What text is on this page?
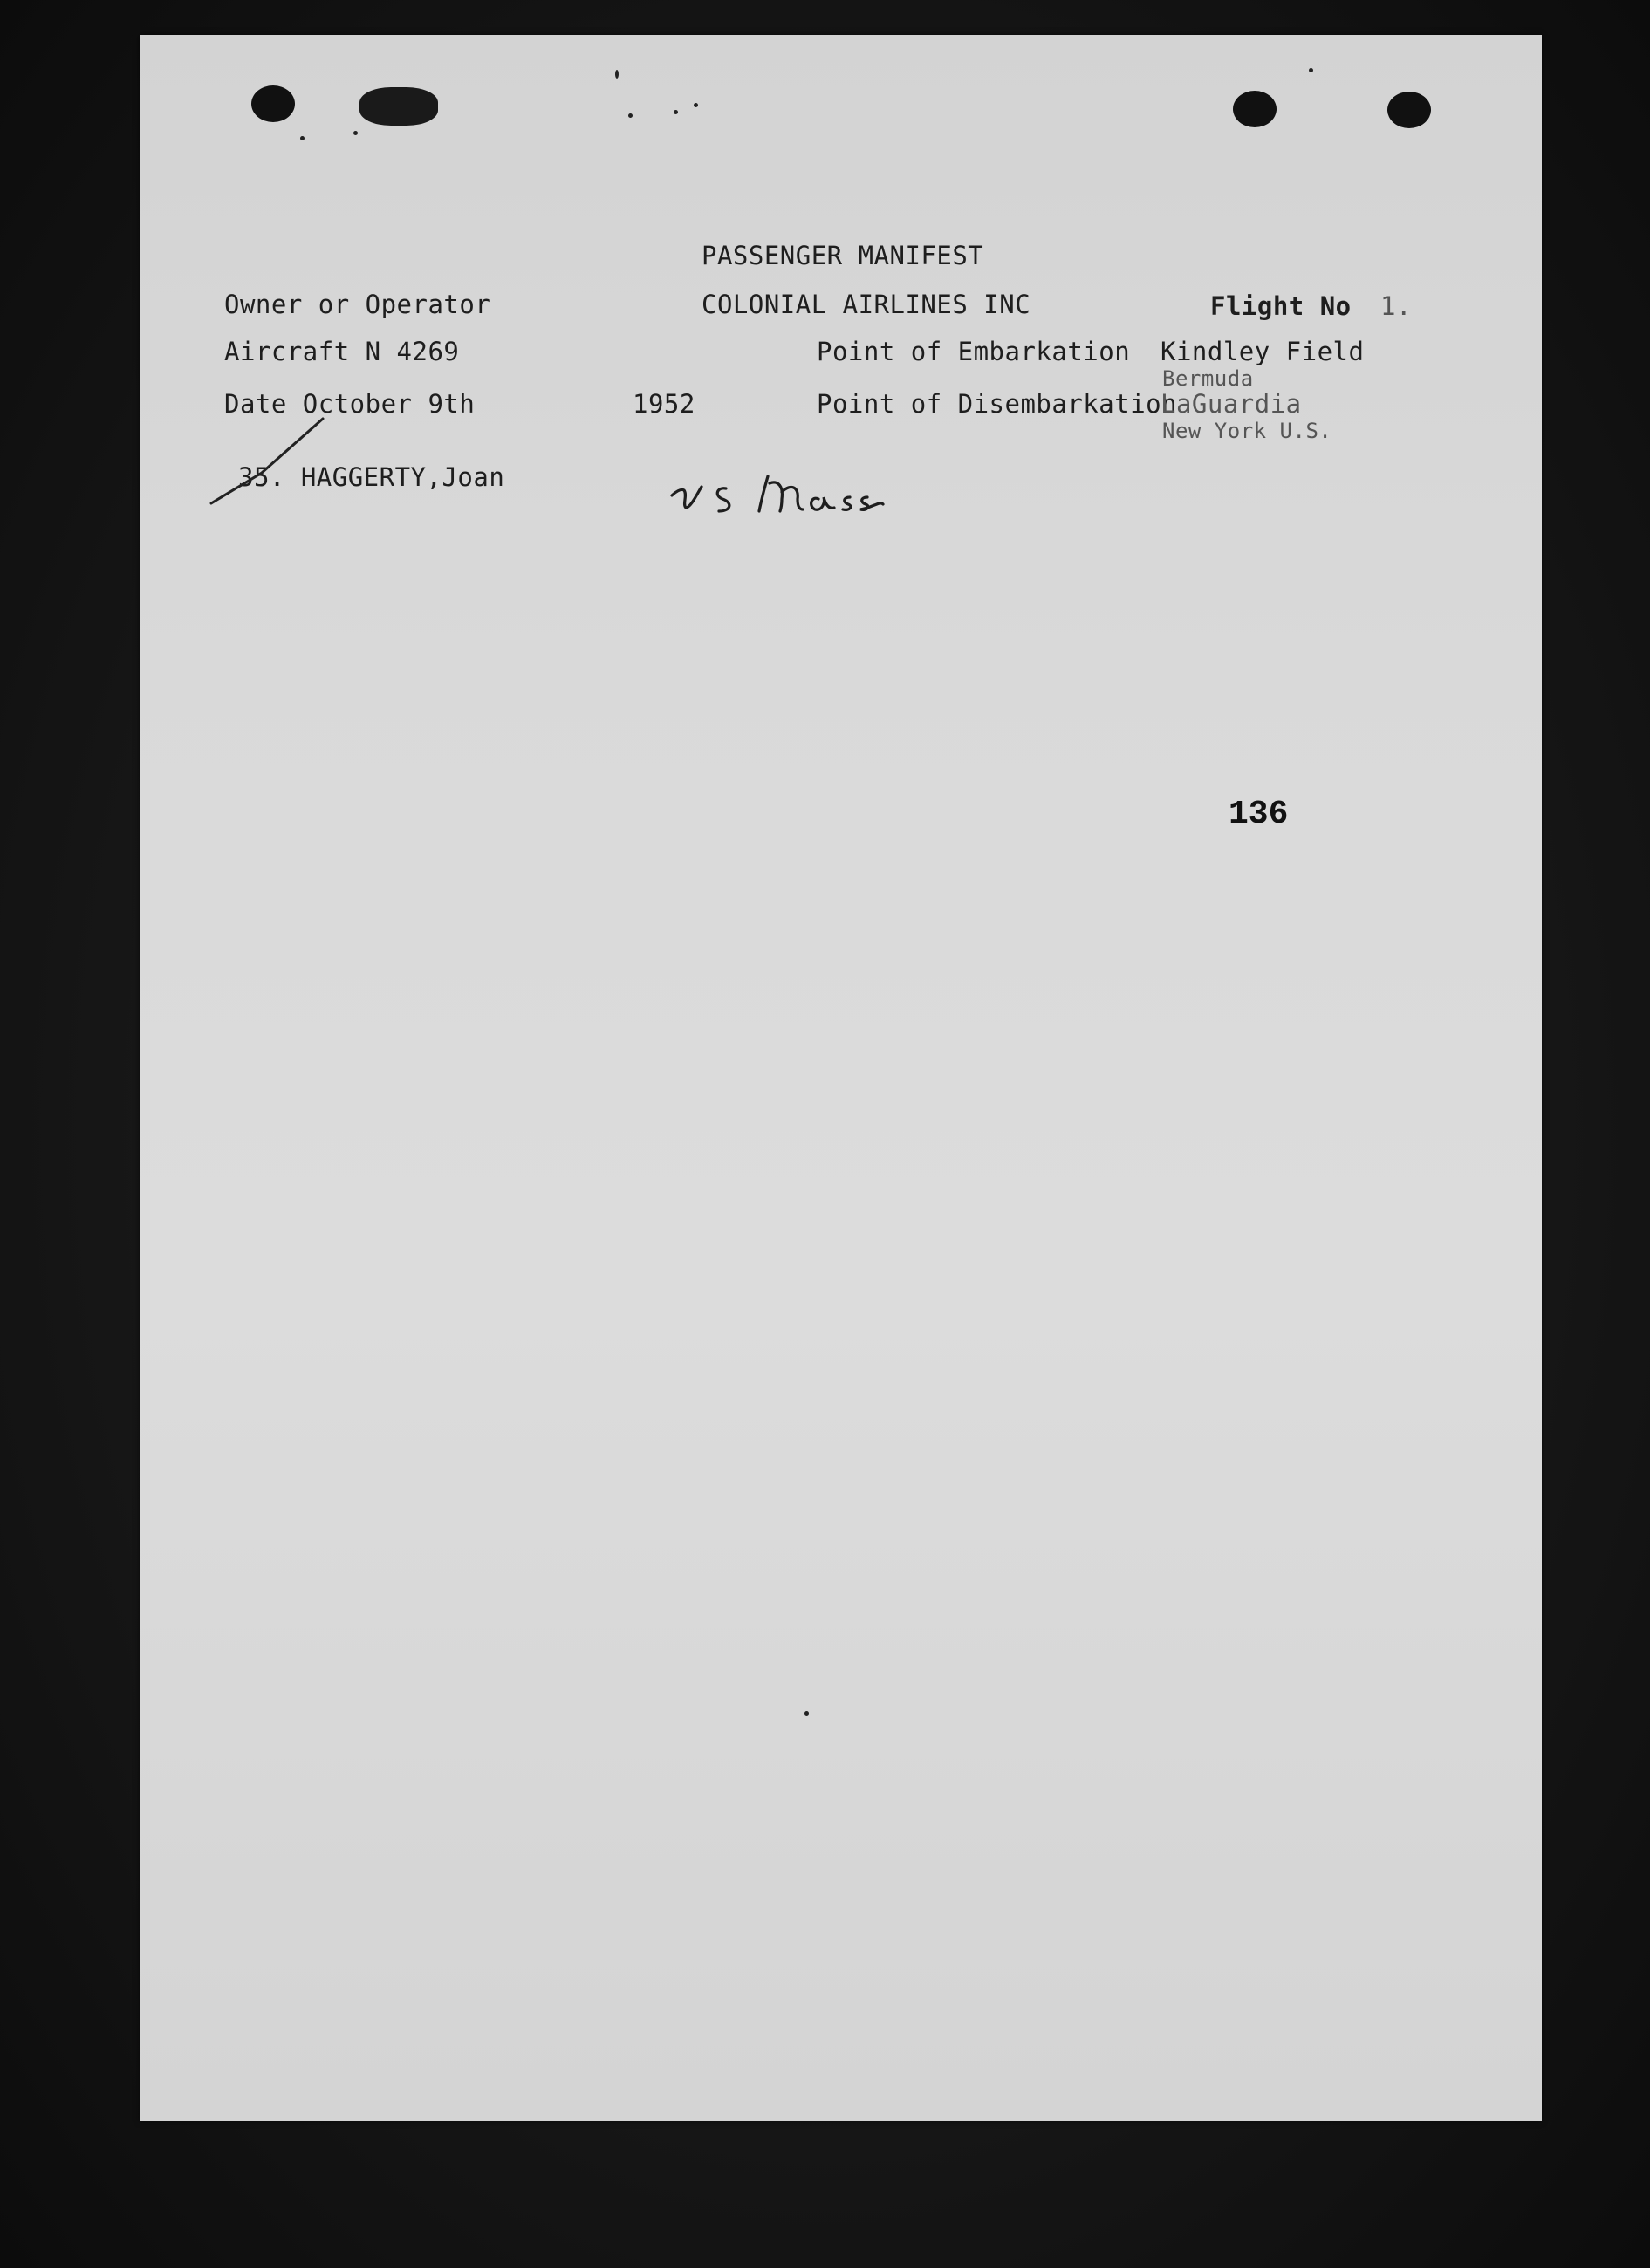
PASSENGER MANIFEST
Owner or Operator	COLONIAL AIRLINES INC	Flight No 1.
Aircraft N 4269	Point of Embarkation Kindley Field
Bermuda
Date October 9th	1952	Point of Disembarkation
LaGuardia
New York U.S.
35. HAGGERTY,Joan
136
